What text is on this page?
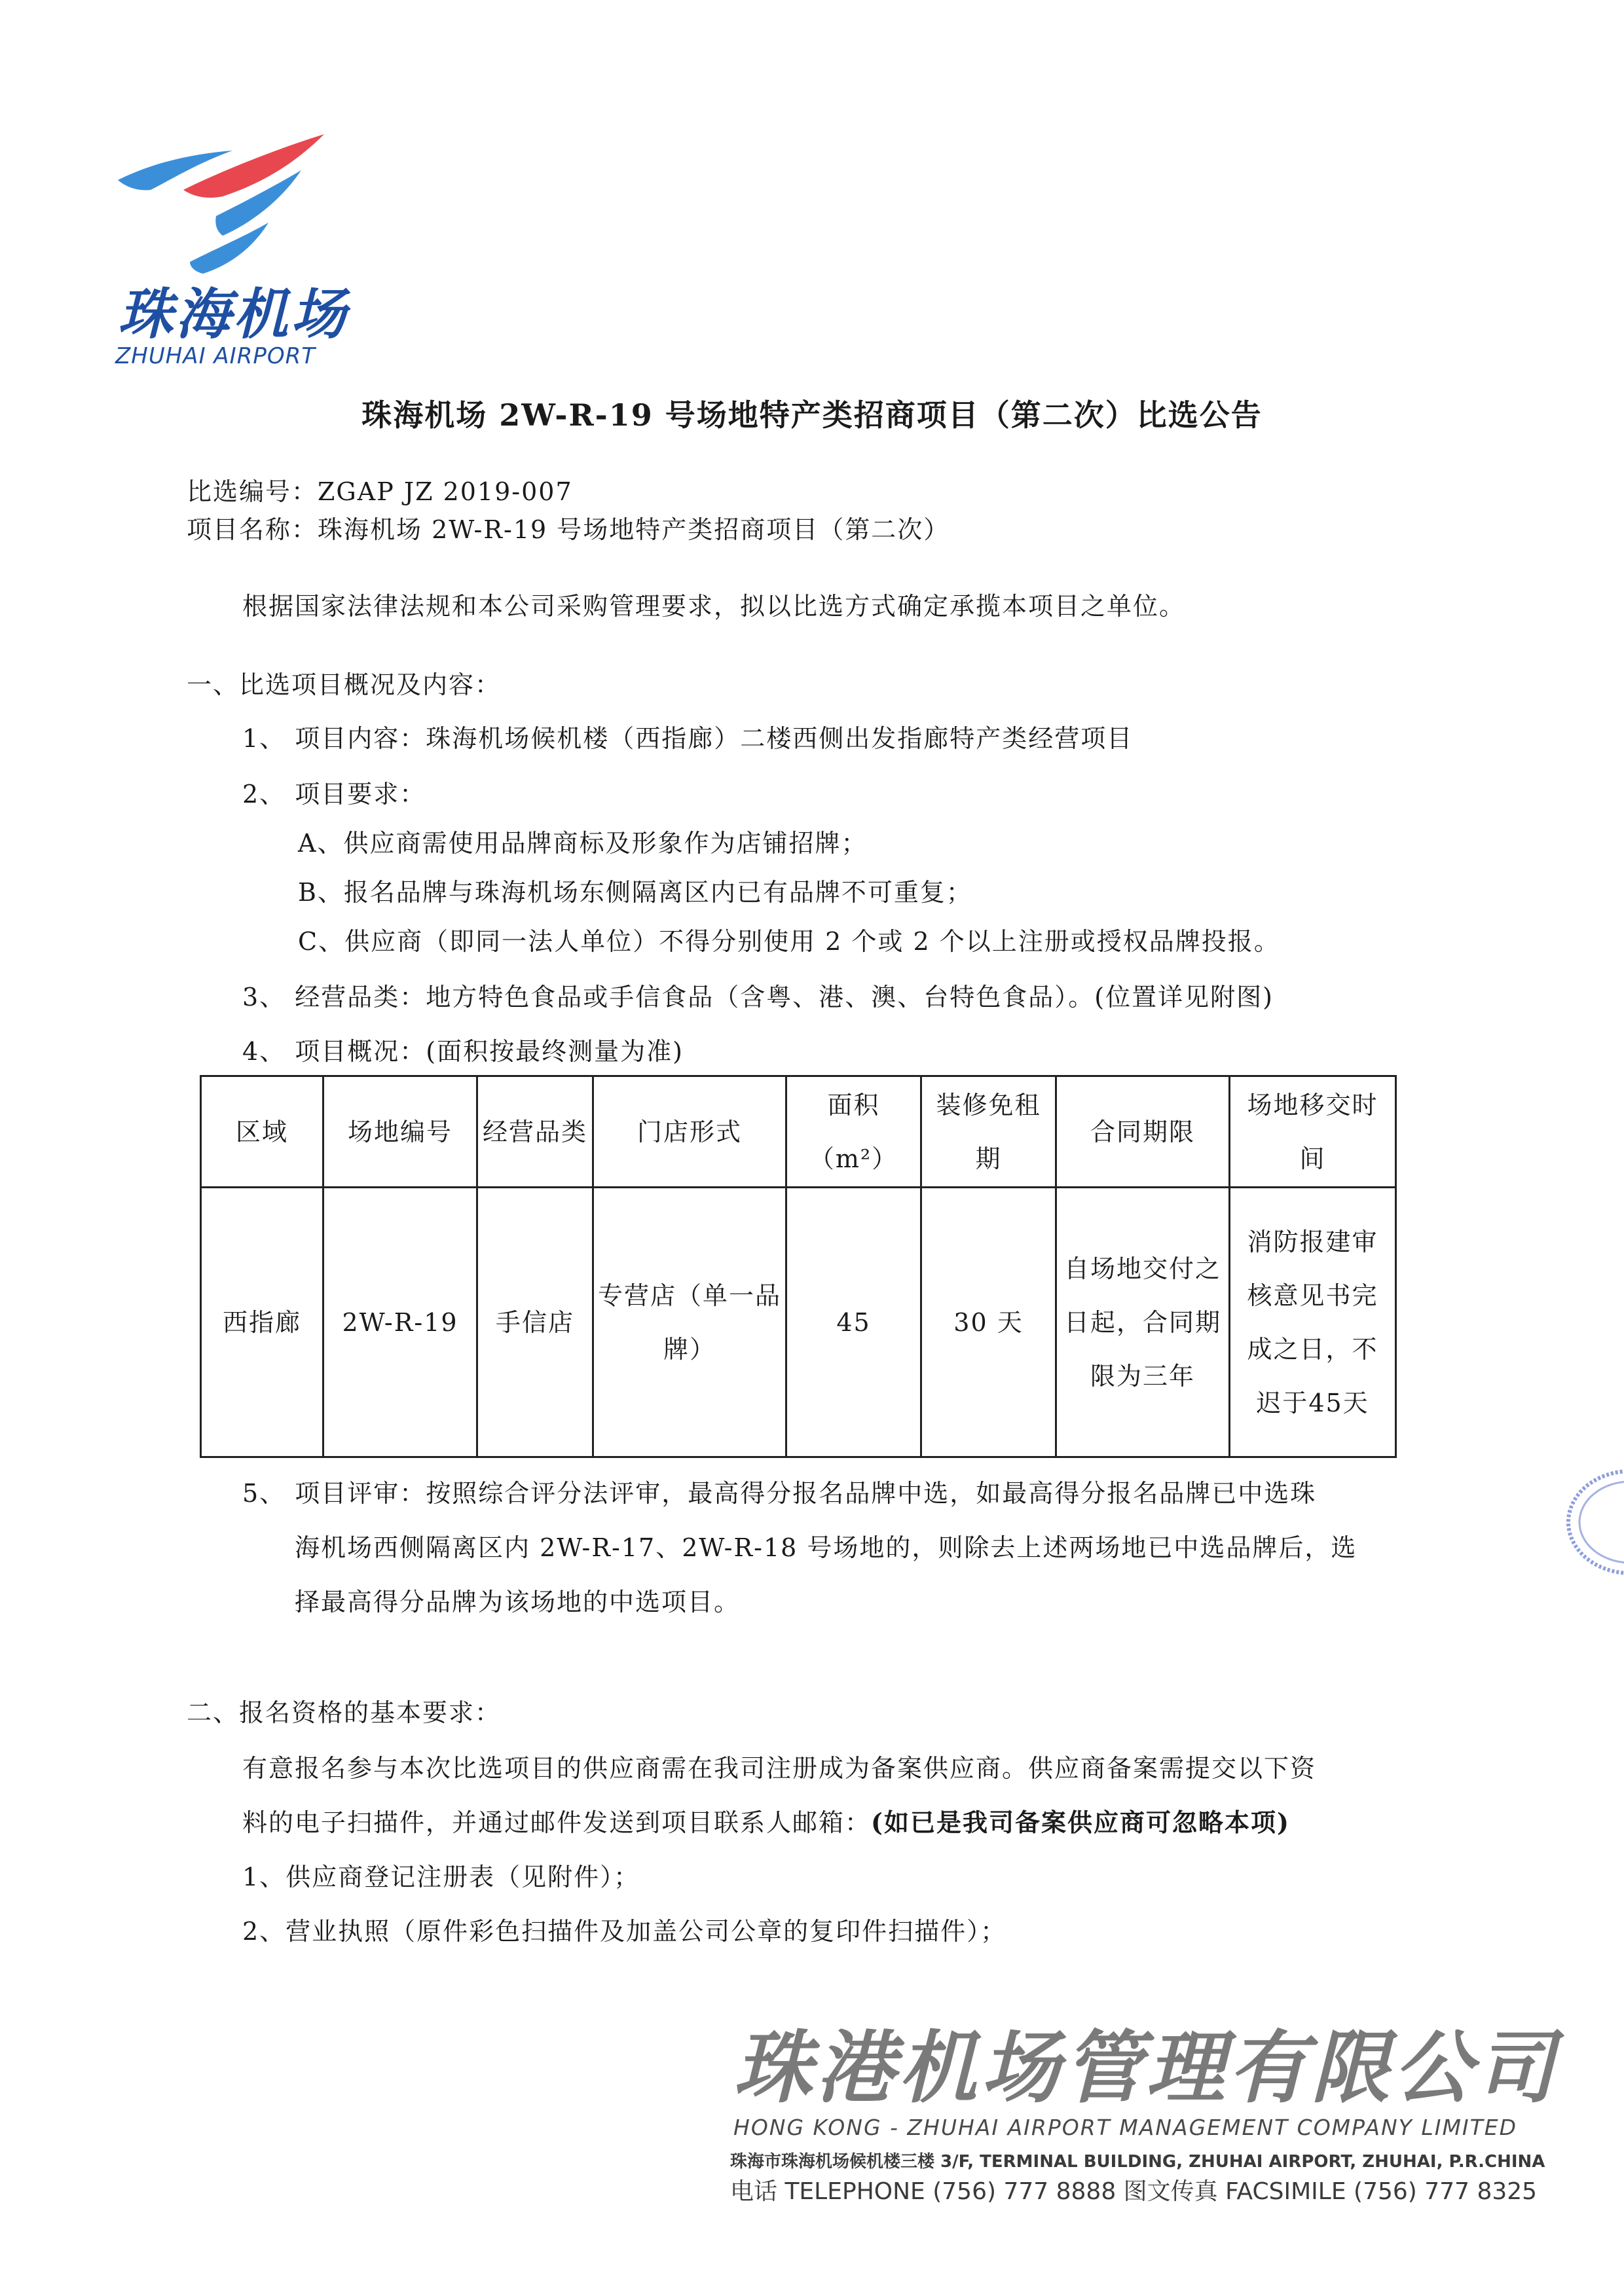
珠海机场
ZHUHAI AIRPORT
珠海机场 2W-R-19 号场地特产类招商项目（第二次）比选公告
比选编号：ZGAP JZ 2019-007
项目名称：珠海机场 2W-R-19 号场地特产类招商项目（第二次）
根据国家法律法规和本公司采购管理要求，拟以比选方式确定承揽本项目之单位。
一、比选项目概况及内容：
1、 项目内容：珠海机场候机楼（西指廊）二楼西侧出发指廊特产类经营项目
2、 项目要求：
A、供应商需使用品牌商标及形象作为店铺招牌；
B、报名品牌与珠海机场东侧隔离区内已有品牌不可重复；
C、供应商（即同一法人单位）不得分别使用 2 个或 2 个以上注册或授权品牌投报。
3、 经营品类：地方特色食品或手信食品（含粤、港、澳、台特色食品）。(位置详见附图)
4、 项目概况：(面积按最终测量为准)
区域	场地编号	经营品类	门店形式	面积（m²）	装修免租期	合同期限	场地移交时间
西指廊	2W-R-19	手信店	专营店（单一品牌）	45	30 天	自场地交付之日起，合同期限为三年	消防报建审核意见书完成之日，不迟于45天
5、 项目评审：按照综合评分法评审，最高得分报名品牌中选，如最高得分报名品牌已中选珠
海机场西侧隔离区内 2W-R-17、2W-R-18 号场地的，则除去上述两场地已中选品牌后，选
择最高得分品牌为该场地的中选项目。
二、报名资格的基本要求：
有意报名参与本次比选项目的供应商需在我司注册成为备案供应商。供应商备案需提交以下资
料的电子扫描件，并通过邮件发送到项目联系人邮箱：(如已是我司备案供应商可忽略本项)
1、供应商登记注册表（见附件）；
2、营业执照（原件彩色扫描件及加盖公司公章的复印件扫描件）；
珠港机场管理有限公司
HONG KONG - ZHUHAI AIRPORT MANAGEMENT COMPANY LIMITED
珠海市珠海机场候机楼三楼 3/F, TERMINAL BUILDING, ZHUHAI AIRPORT, ZHUHAI, P.R.CHINA
电话 TELEPHONE (756) 777 8888 图文传真 FACSIMILE (756) 777 8325
